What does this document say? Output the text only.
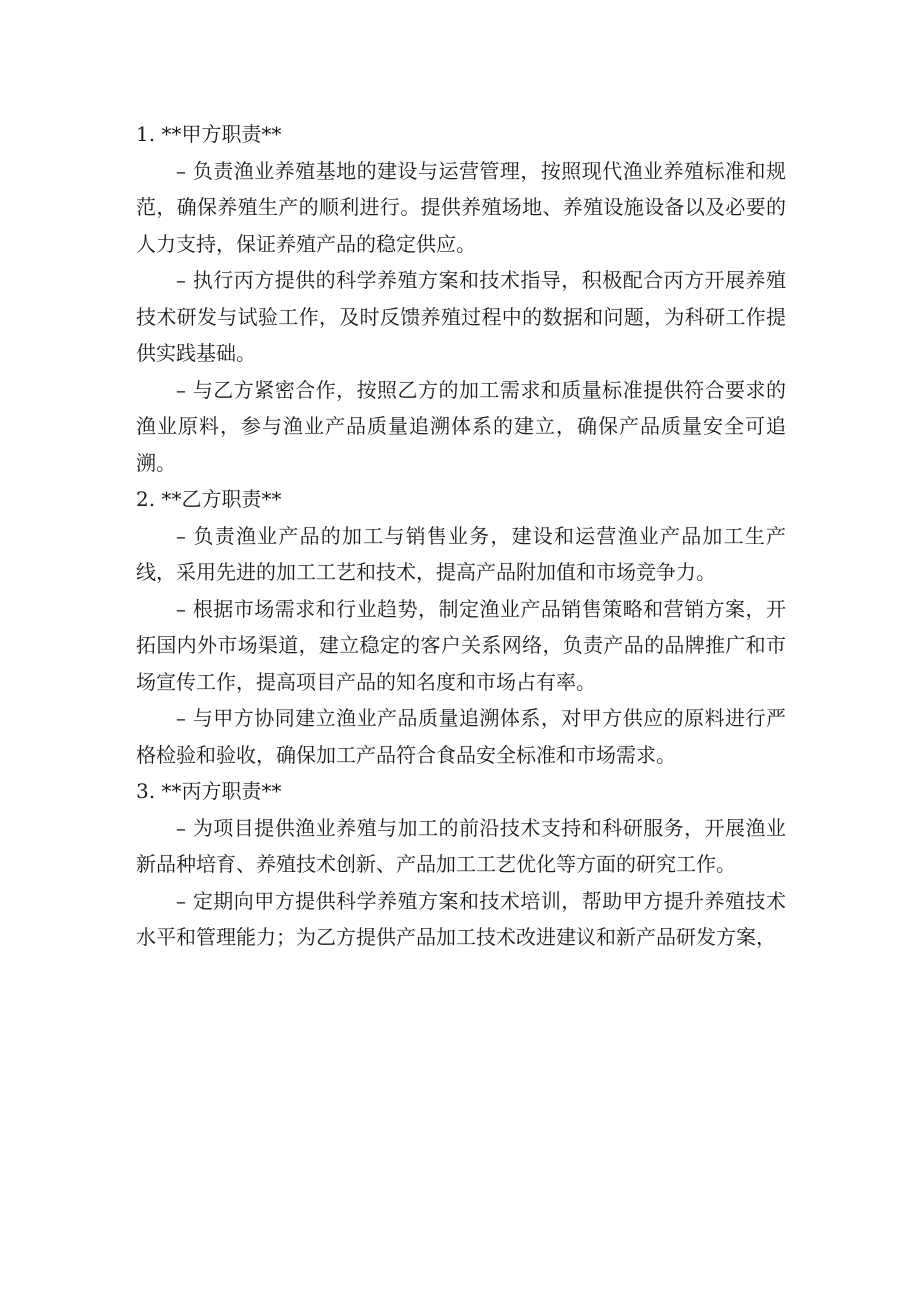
1. **甲方职责**

– 负责渔业养殖基地的建设与运营管理，按照现代渔业养殖标准和规范，确保养殖生产的顺利进行。提供养殖场地、养殖设施设备以及必要的人力支持，保证养殖产品的稳定供应。

– 执行丙方提供的科学养殖方案和技术指导，积极配合丙方开展养殖技术研发与试验工作，及时反馈养殖过程中的数据和问题，为科研工作提供实践基础。

– 与乙方紧密合作，按照乙方的加工需求和质量标准提供符合要求的渔业原料，参与渔业产品质量追溯体系的建立，确保产品质量安全可追溯。

2. **乙方职责**

– 负责渔业产品的加工与销售业务，建设和运营渔业产品加工生产线，采用先进的加工工艺和技术，提高产品附加值和市场竞争力。

– 根据市场需求和行业趋势，制定渔业产品销售策略和营销方案，开拓国内外市场渠道，建立稳定的客户关系网络，负责产品的品牌推广和市场宣传工作，提高项目产品的知名度和市场占有率。

– 与甲方协同建立渔业产品质量追溯体系，对甲方供应的原料进行严格检验和验收，确保加工产品符合食品安全标准和市场需求。

3. **丙方职责**

– 为项目提供渔业养殖与加工的前沿技术支持和科研服务，开展渔业新品种培育、养殖技术创新、产品加工工艺优化等方面的研究工作。

– 定期向甲方提供科学养殖方案和技术培训，帮助甲方提升养殖技术水平和管理能力；为乙方提供产品加工技术改进建议和新产品研发方案，
